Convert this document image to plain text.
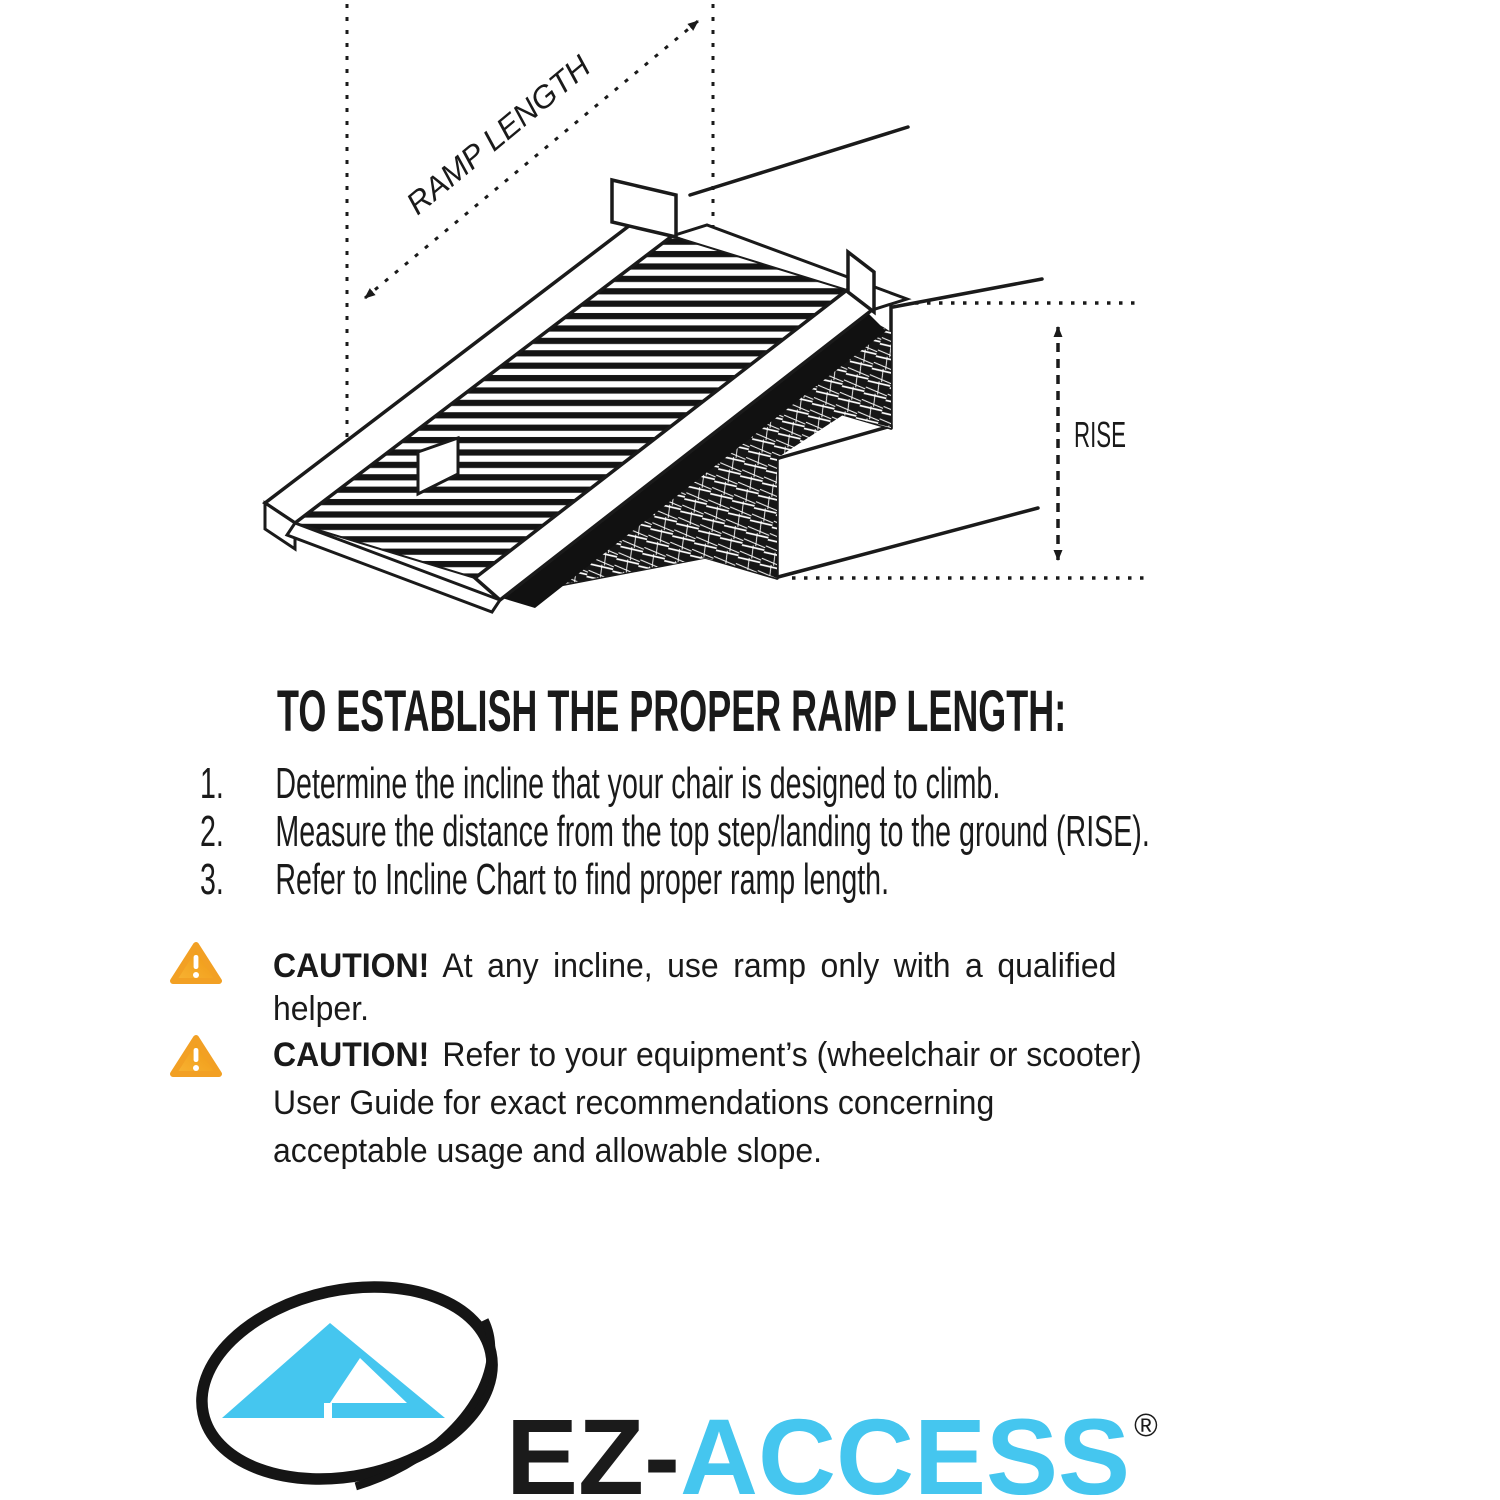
RAMP LENGTH
RISE
TO ESTABLISH THE PROPER RAMP LENGTH:
1.	Determine the incline that your chair is designed to climb.
2.	Measure the distance from the top step/landing to the ground (RISE).
3.	Refer to Incline Chart to find proper ramp length.
CAUTION! At any incline, use ramp only with a qualified
helper.
CAUTION! Refer to your equipment’s (wheelchair or scooter)
User Guide for exact recommendations concerning
acceptable usage and allowable slope.
EZ-ACCESS ®
